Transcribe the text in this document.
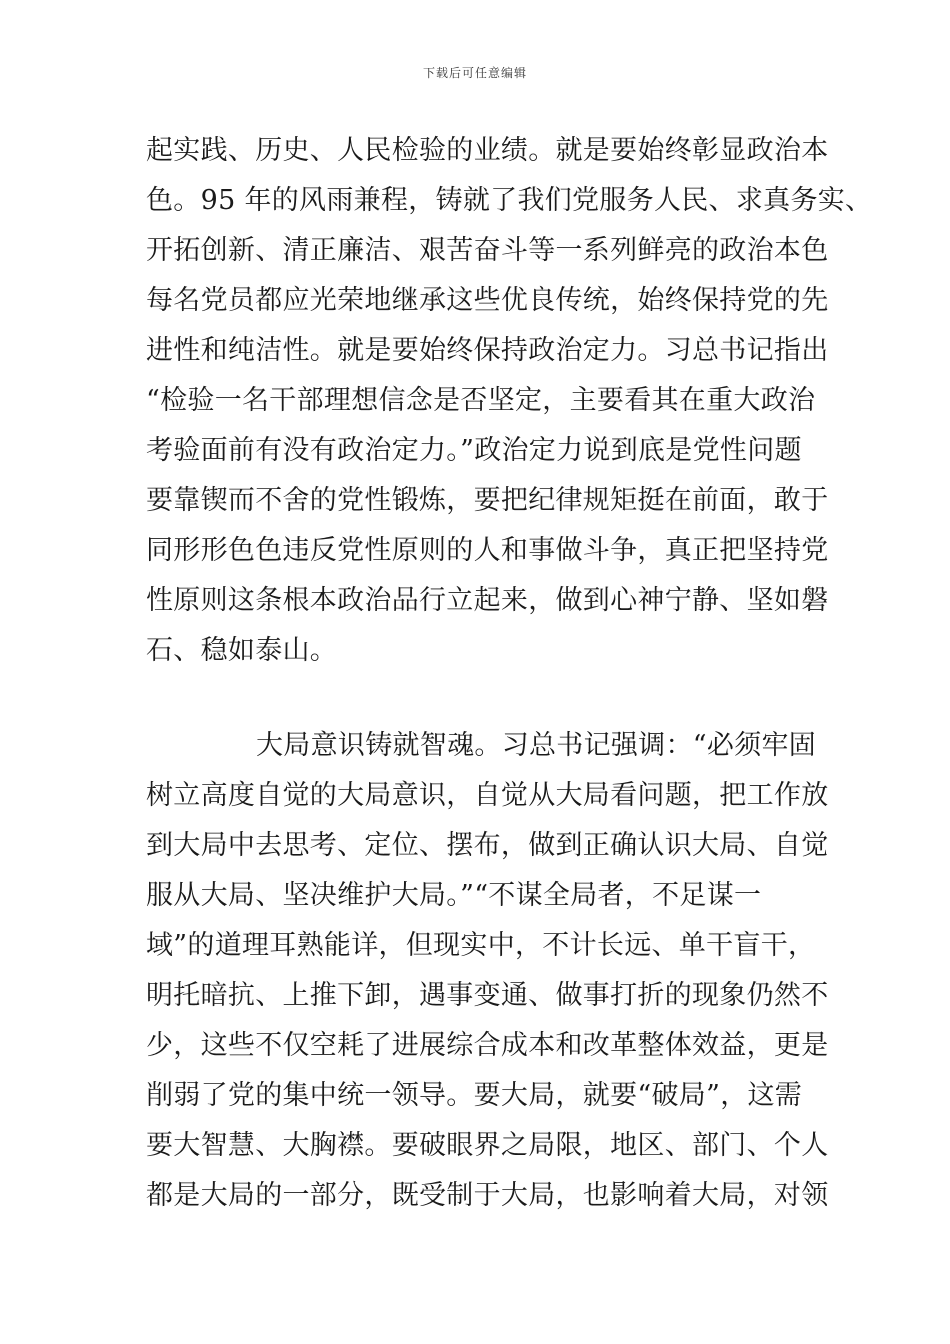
下载后可任意编辑
起实践、历史、人民检验的业绩。就是要始终彰显政治本
色。95 年的风雨兼程，铸就了我们党服务人民、求真务实、
开拓创新、清正廉洁、艰苦奋斗等一系列鲜亮的政治本色
每名党员都应光荣地继承这些优良传统，始终保持党的先
进性和纯洁性。就是要始终保持政治定力。习总书记指出
“检验一名干部理想信念是否坚定，主要看其在重大政治
考验面前有没有政治定力。”政治定力说到底是党性问题
要靠锲而不舍的党性锻炼，要把纪律规矩挺在前面，敢于
同形形色色违反党性原则的人和事做斗争，真正把坚持党
性原则这条根本政治品行立起来，做到心神宁静、坚如磐
石、稳如泰山。
大局意识铸就智魂。习总书记强调：“必须牢固
树立高度自觉的大局意识，自觉从大局看问题，把工作放
到大局中去思考、定位、摆布，做到正确认识大局、自觉
服从大局、坚决维护大局。”“不谋全局者，不足谋一
域”的道理耳熟能详，但现实中，不计长远、单干盲干，
明托暗抗、上推下卸，遇事变通、做事打折的现象仍然不
少，这些不仅空耗了进展综合成本和改革整体效益，更是
削弱了党的集中统一领导。要大局，就要“破局”，这需
要大智慧、大胸襟。要破眼界之局限，地区、部门、个人
都是大局的一部分，既受制于大局，也影响着大局，对领
